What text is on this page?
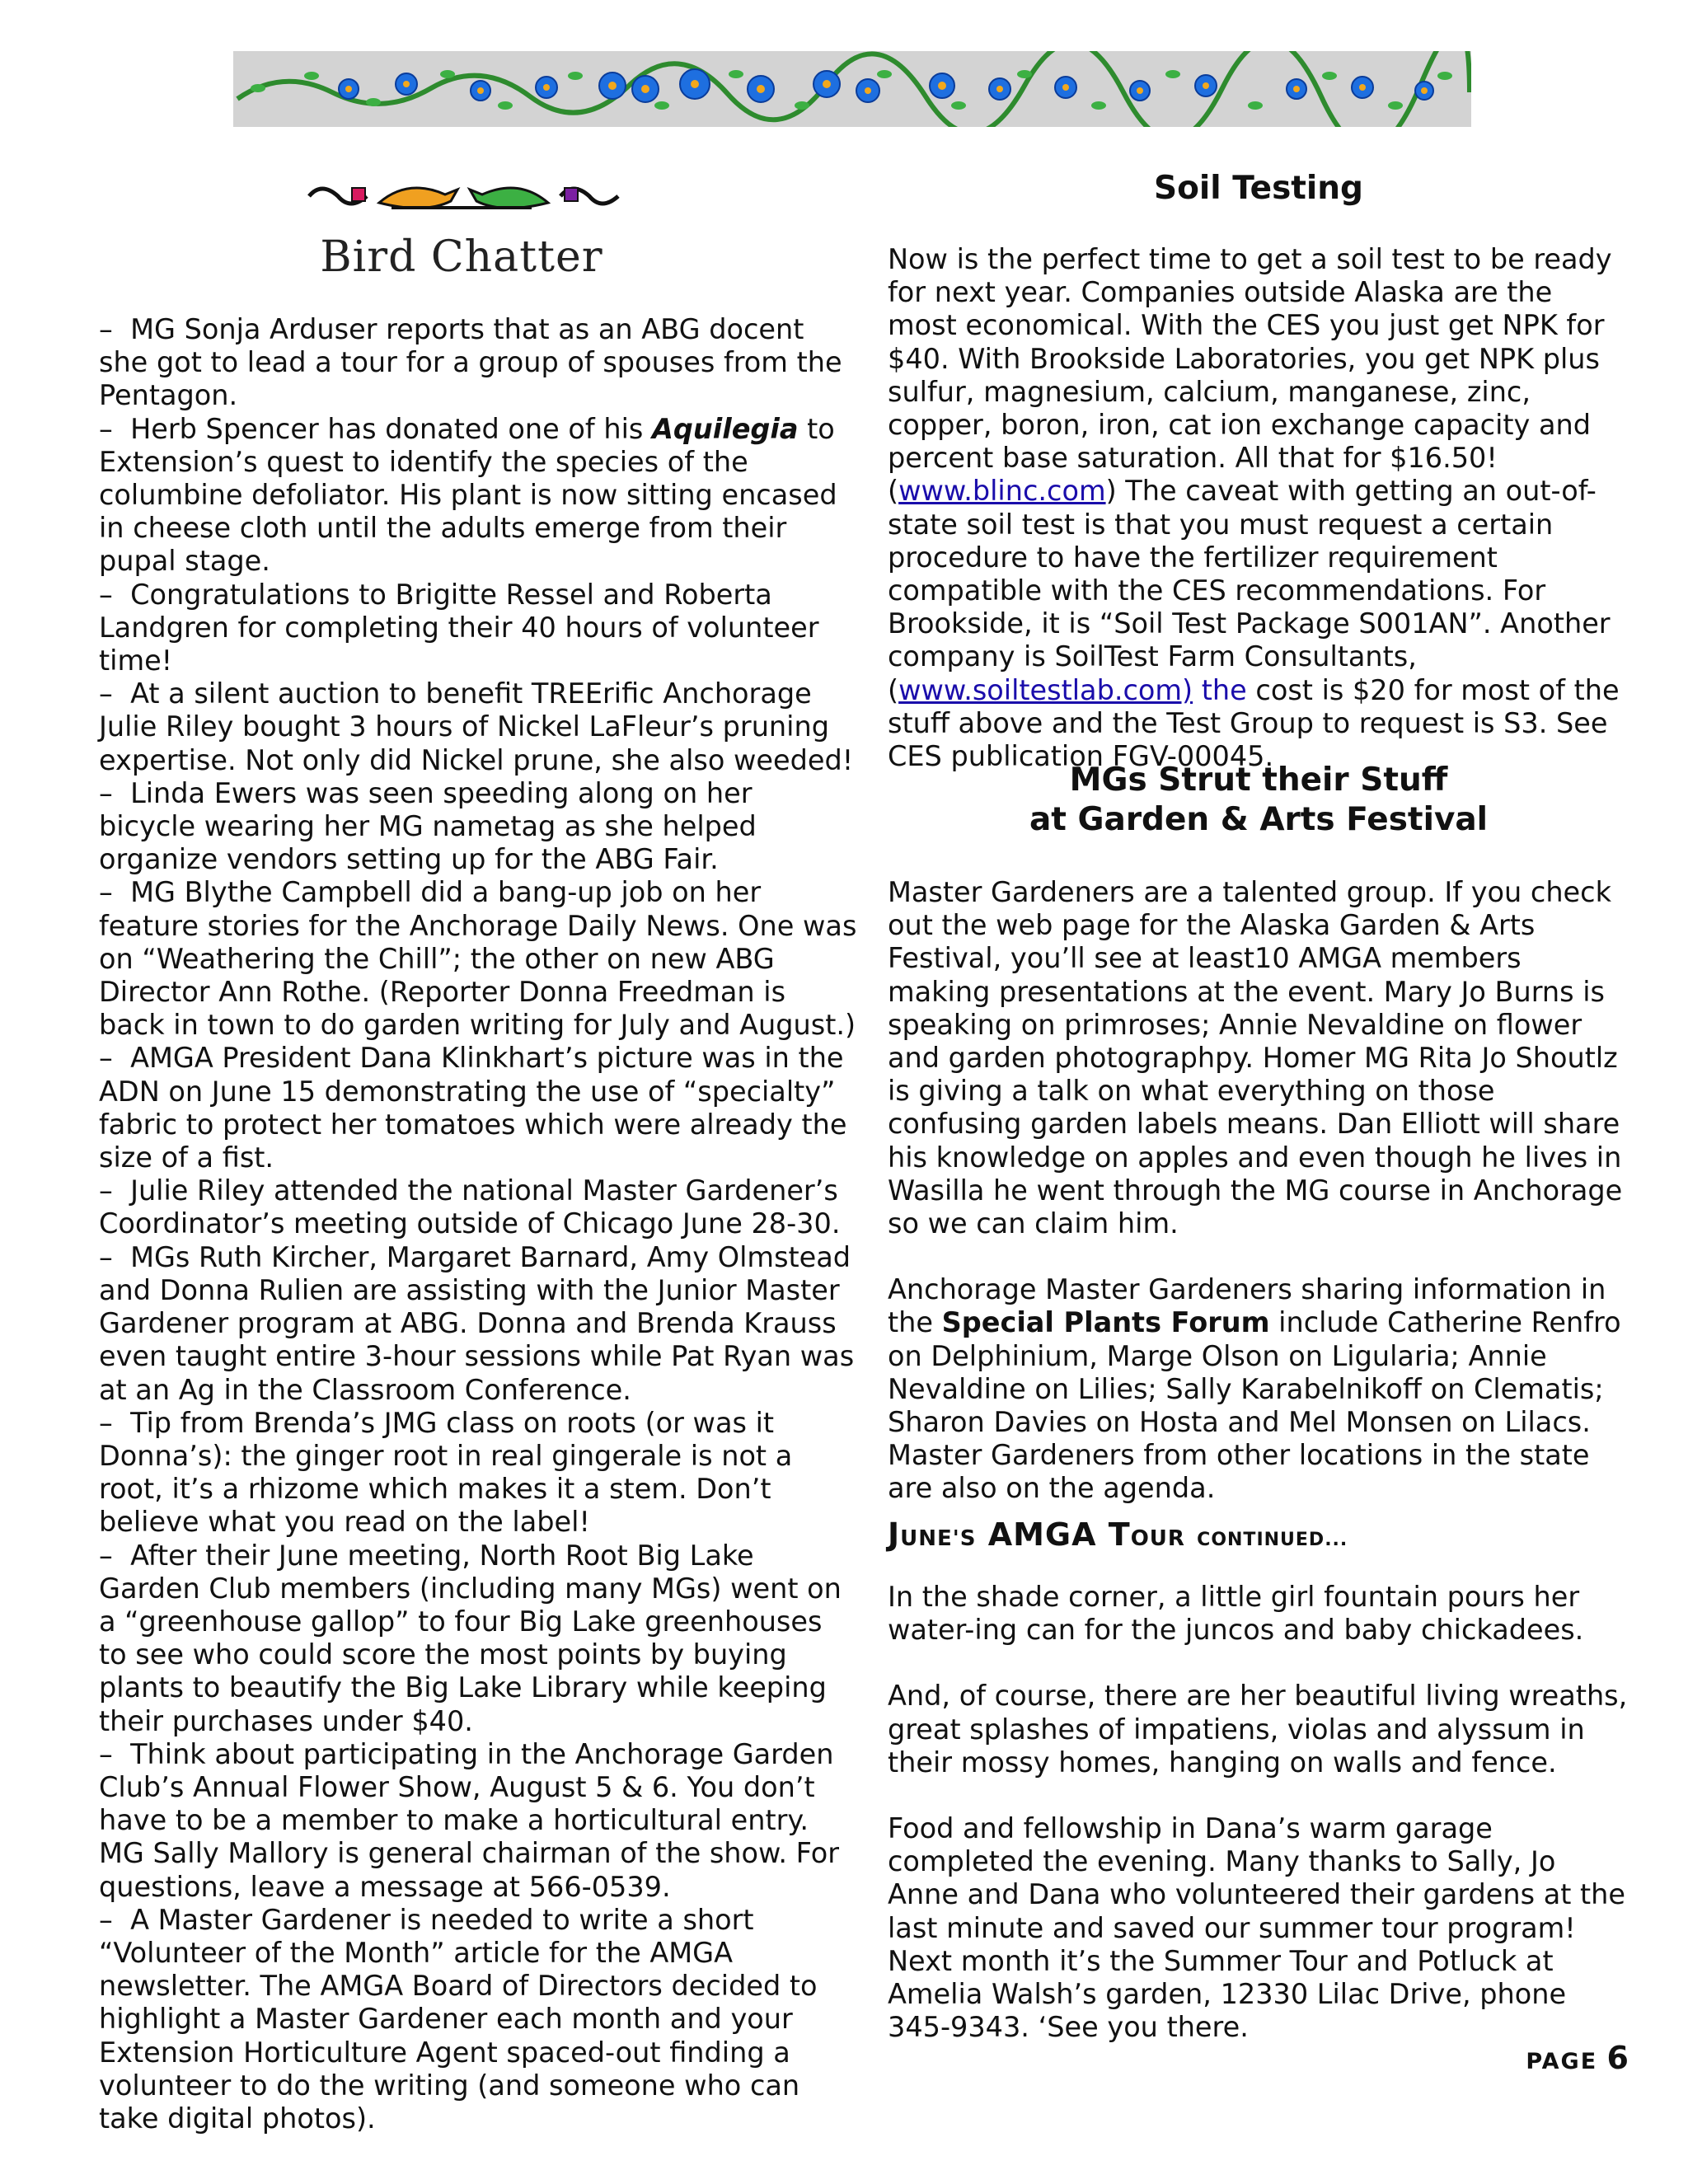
Bird Chatter

–  MG Sonja Arduser reports that as an ABG docent she got to lead a tour for a group of spouses from the Pentagon.

–  Herb Spencer has donated one of his Aquilegia to Extension’s quest to identify the species of the columbine defoliator. His plant is now sitting encased in cheese cloth until the adults emerge from their pupal stage.

–  Congratulations to Brigitte Ressel and Roberta Landgren for completing their 40 hours of volunteer time!

–  At a silent auction to benefit TREErific Anchorage Julie Riley bought 3 hours of Nickel LaFleur’s pruning expertise. Not only did Nickel prune, she also weeded!

–  Linda Ewers was seen speeding along on her bicycle wearing her MG nametag as she helped organize vendors setting up for the ABG Fair.

–  MG Blythe Campbell did a bang-up job on her feature stories for the Anchorage Daily News. One was on “Weathering the Chill”; the other on new ABG Director Ann Rothe. (Reporter Donna Freedman is back in town to do garden writing for July and August.)

–  AMGA President Dana Klinkhart’s picture was in the ADN on June 15 demonstrating the use of “specialty” fabric to protect her tomatoes which were already the size of a fist.

–  Julie Riley attended the national Master Gardener’s Coordinator’s meeting outside of Chicago June 28-30.

–  MGs Ruth Kircher, Margaret Barnard, Amy Olmstead and Donna Rulien are assisting with the Junior Master Gardener program at ABG. Donna and Brenda Krauss even taught entire 3-hour sessions while Pat Ryan was at an Ag in the Classroom Conference.

–  Tip from Brenda’s JMG class on roots (or was it Donna’s): the ginger root in real gingerale is not a root, it’s a rhizome which makes it a stem. Don’t believe what you read on the label!

–  After their June meeting, North Root Big Lake Garden Club members (including many MGs) went on a “greenhouse gallop” to four Big Lake greenhouses to see who could score the most points by buying plants to beautify the Big Lake Library while keeping their purchases under $40.

–  Think about participating in the Anchorage Garden Club’s Annual Flower Show, August 5 & 6. You don’t have to be a member to make a horticultural entry. MG Sally Mallory is general chairman of the show. For questions, leave a message at 566-0539.

–  A Master Gardener is needed to write a short “Volunteer of the Month” article for the AMGA newsletter. The AMGA Board of Directors decided to highlight a Master Gardener each month and your Extension Horticulture Agent spaced-out finding a volunteer to do the writing (and someone who can take digital photos).

Soil Testing

Now is the perfect time to get a soil test to be ready for next year. Companies outside Alaska are the most economical. With the CES you just get NPK for $40. With Brookside Laboratories, you get NPK plus sulfur, magnesium, calcium, manganese, zinc, copper, boron, iron, cat ion exchange capacity and percent base saturation. All that for $16.50! (www.blinc.com) The caveat with getting an out-of-state soil test is that you must request a certain procedure to have the fertilizer requirement compatible with the CES recommendations. For Brookside, it is “Soil Test Package S001AN”. Another company is SoilTest Farm Consultants, (www.soiltestlab.com) the cost is $20 for most of the stuff above and the Test Group to request is S3. See CES publication FGV-00045.

MGs Strut their Stuff
at Garden & Arts Festival

Master Gardeners are a talented group. If you check out the web page for the Alaska Garden & Arts Festival, you’ll see at least10 AMGA members making presentations at the event. Mary Jo Burns is speaking on primroses; Annie Nevaldine on flower and garden photographpy. Homer MG Rita Jo Shoutlz is giving a talk on what everything on those confusing garden labels means. Dan Elliott will share his knowledge on apples and even though he lives in Wasilla he went through the MG course in Anchorage so we can claim him.

Anchorage Master Gardeners sharing information in the Special Plants Forum include Catherine Renfro on Delphinium, Marge Olson on Ligularia; Annie Nevaldine on Lilies; Sally Karabelnikoff on Clematis; Sharon Davies on Hosta and Mel Monsen on Lilacs. Master Gardeners from other locations in the state are also on the agenda.

JUNE'S AMGA TOUR CONTINUED...

In the shade corner, a little girl fountain pours her water-ing can for the juncos and baby chickadees.

And, of course, there are her beautiful living wreaths, great splashes of impatiens, violas and alyssum in their mossy homes, hanging on walls and fence.

Food and fellowship in Dana’s warm garage completed the evening. Many thanks to Sally, Jo Anne and Dana who volunteered their gardens at the last minute and saved our summer tour program! Next month it’s the Summer Tour and Potluck at Amelia Walsh’s garden, 12330 Lilac Drive, phone 345-9343. ‘See you there.

PAGE 6
